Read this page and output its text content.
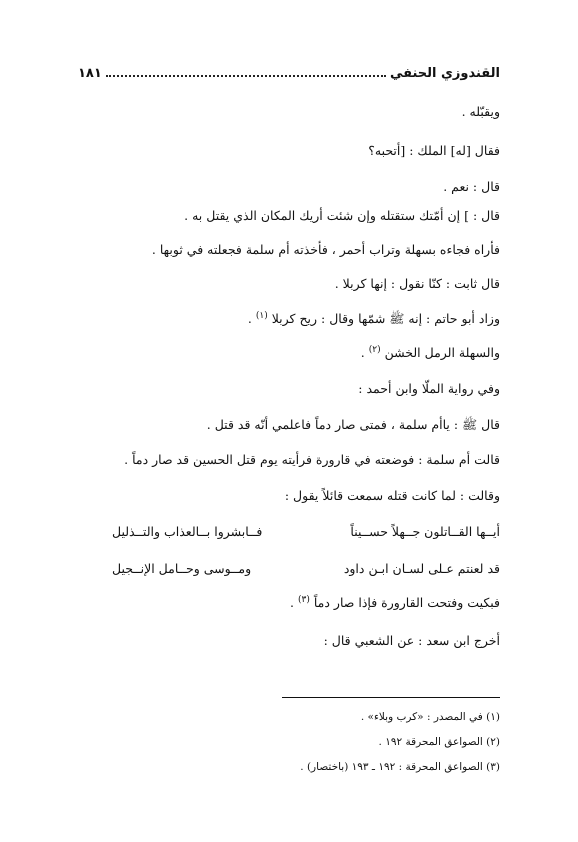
القندوزي الحنفي
١٨١
ويقبّله .
فقال [له] الملك : [أتحبه؟
قال : نعم .
قال : ] إن أمّتك ستقتله وإن شئت أريك المكان الذي يقتل به .
فأراه فجاءه بسهلة وتراب أحمر ، فأخذته أم سلمة فجعلته في ثوبها .
قال ثابت : كنّا نقول : إنها كربلا .
وزاد أبو حاتم : إنه ﷺ شمّها وقال : ريح كربلا $^{(١)}$ .
والسهلة الرمل الخشن $^{(٢)}$ .
وفي رواية الملّا وابن أحمد :
قال ﷺ : ياأم سلمة ، فمتى صار دماً فاعلمي أنّه قد قتل .
قالت أم سلمة : فوضعته في قارورة فرأيته يوم قتل الحسين قد صار دماً .
وقالت : لما كانت قتله سمعت قائلاً يقول :
أيــها القــاتلون جــهلاً حســيناً
فــابشروا بــالعذاب والتــذليل
قد لعنتم عـلى لسـان ابـن داود
ومــوسى وحــامل الإنــجيل
فبكيت وفتحت القارورة فإذا صار دماً $^{(٣)}$ .
أخرج ابن سعد : عن الشعبي قال :
(١) في المصدر : «كرب وبلاء» .
(٢) الصواعق المحرقة ١٩٢ .
(٣) الصواعق المحرقة : ١٩٢ ـ ١٩٣ (باختصار) .
